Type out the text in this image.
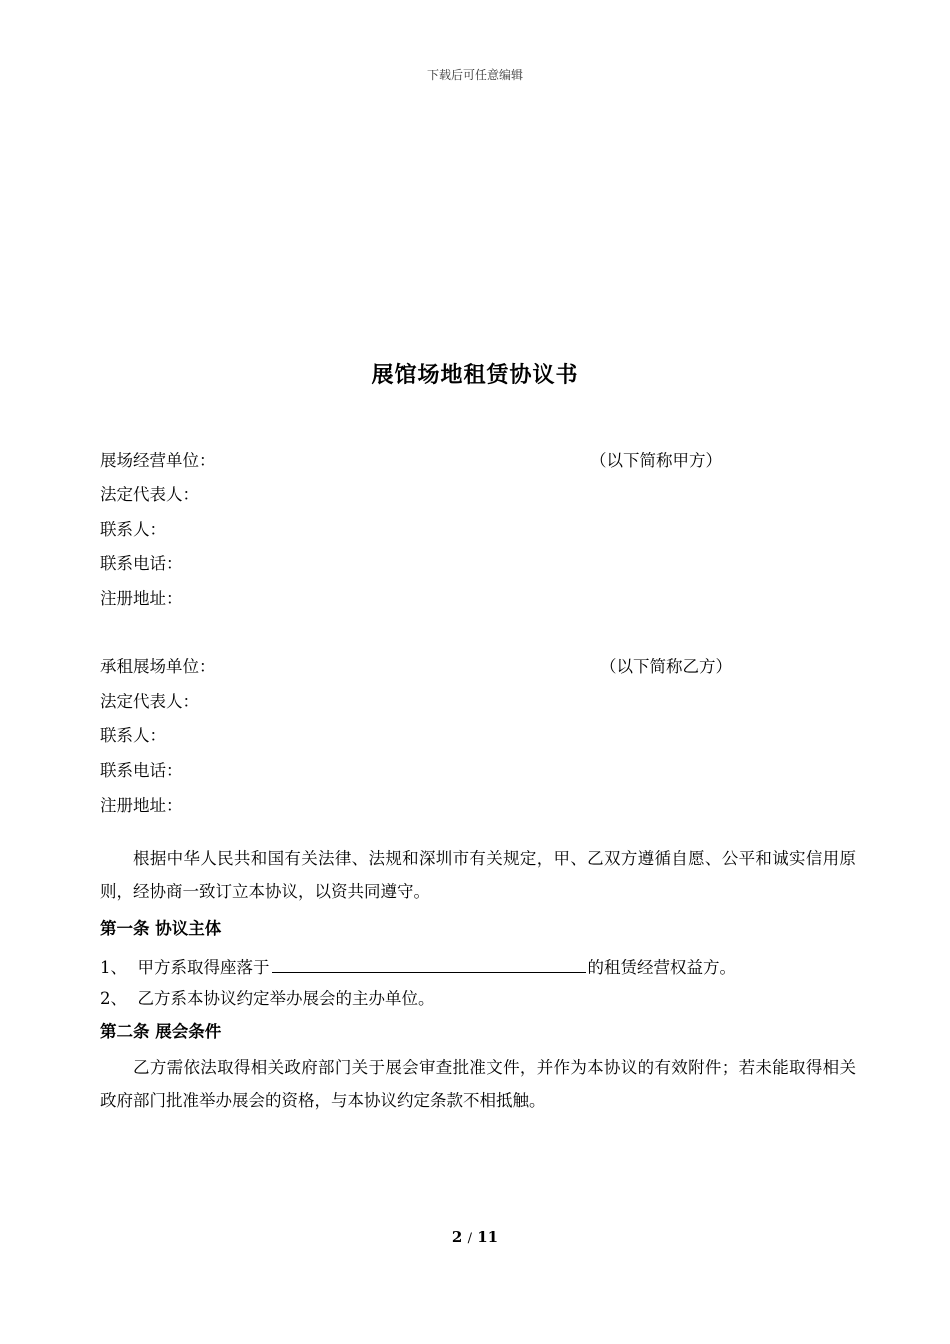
下载后可任意编辑
展馆场地租赁协议书
展场经营单位：	（以下简称甲方）
法定代表人：
联系人：
联系电话：
注册地址：
承租展场单位：	（以下简称乙方）
法定代表人：
联系人：
联系电话：
注册地址：
根据中华人民共和国有关法律、法规和深圳市有关规定，甲、乙双方遵循自愿、公平和诚实信用原则，经协商一致订立本协议，以资共同遵守。
第一条 协议主体
1、 甲方系取得座落于	的租赁经营权益方。
2、 乙方系本协议约定举办展会的主办单位。
第二条 展会条件
乙方需依法取得相关政府部门关于展会审查批准文件，并作为本协议的有效附件；若未能取得相关政府部门批准举办展会的资格，与本协议约定条款不相抵触。
2 / 11
